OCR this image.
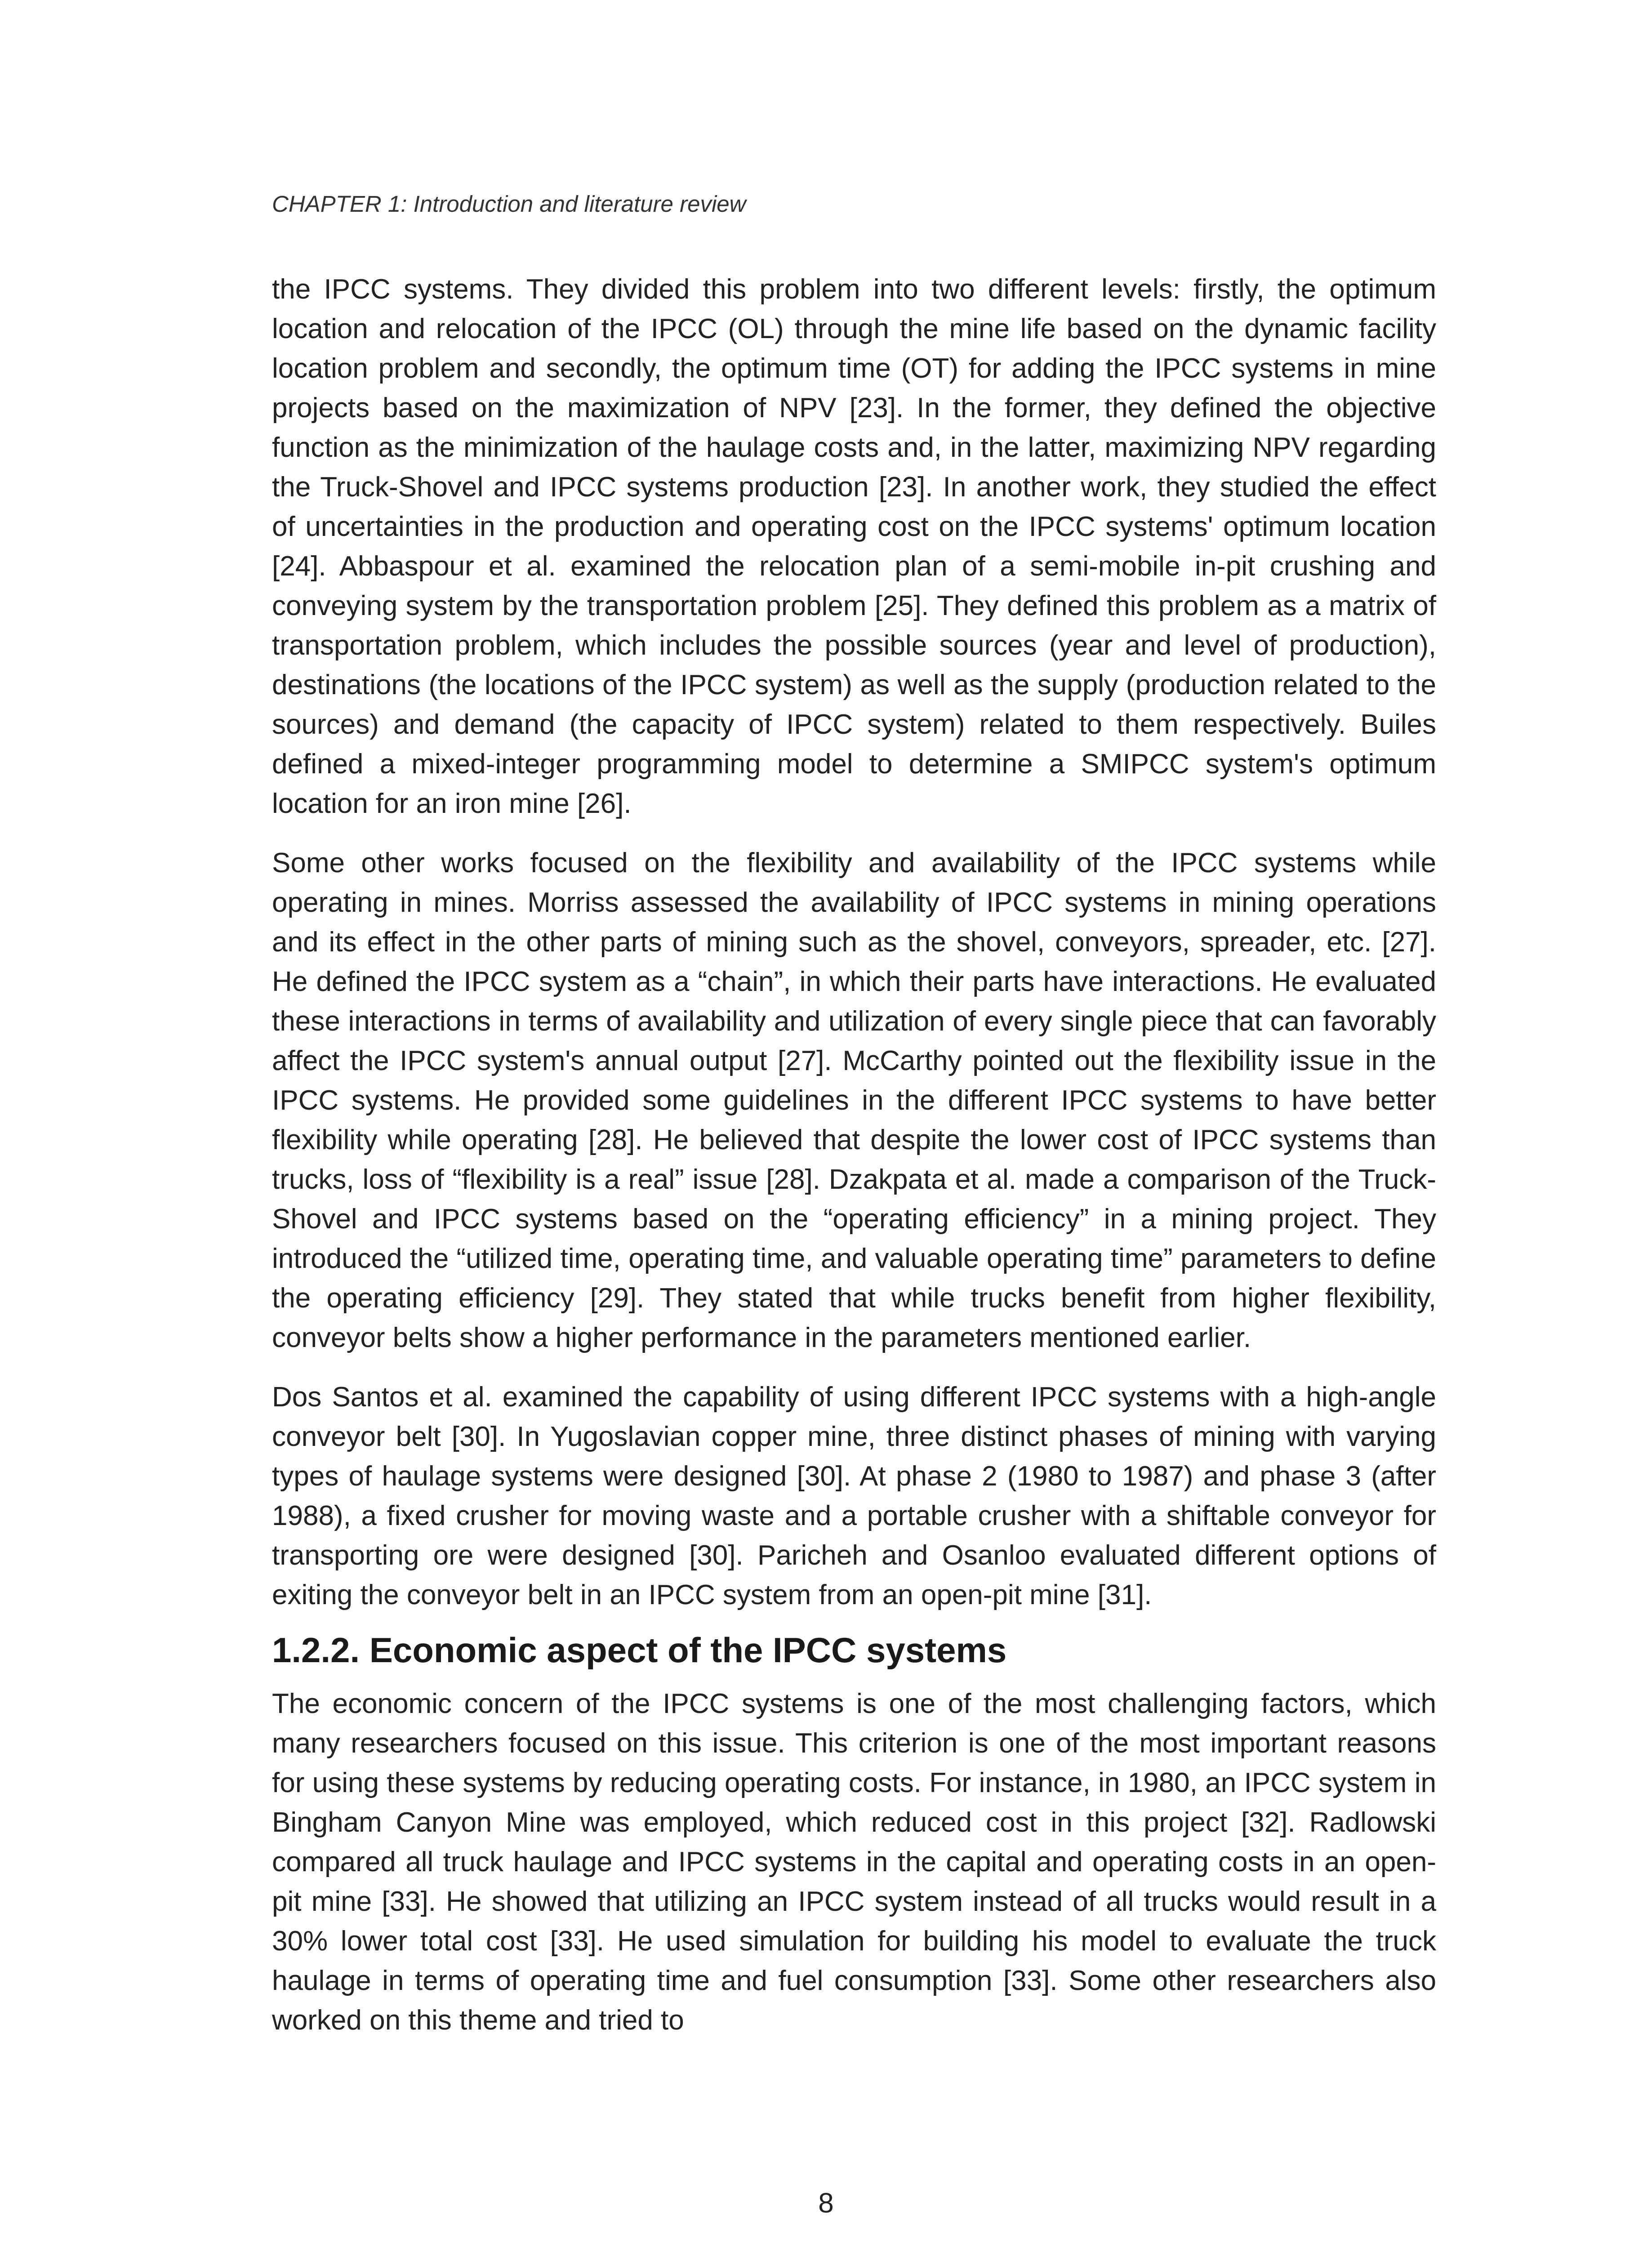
CHAPTER 1: Introduction and literature review

the IPCC systems. They divided this problem into two different levels: firstly, the optimum location and relocation of the IPCC (OL) through the mine life based on the dynamic facility location problem and secondly, the optimum time (OT) for adding the IPCC systems in mine projects based on the maximization of NPV [23]. In the former, they defined the objective function as the minimization of the haulage costs and, in the latter, maximizing NPV regarding the Truck-Shovel and IPCC systems production [23]. In another work, they studied the effect of uncertainties in the production and operating cost on the IPCC systems' optimum location [24]. Abbaspour et al. examined the relocation plan of a semi-mobile in-pit crushing and conveying system by the transportation problem [25]. They defined this problem as a matrix of transportation problem, which includes the possible sources (year and level of production), destinations (the locations of the IPCC system) as well as the supply (production related to the sources) and demand (the capacity of IPCC system) related to them respectively. Builes defined a mixed-integer programming model to determine a SMIPCC system's optimum location for an iron mine [26].

Some other works focused on the flexibility and availability of the IPCC systems while operating in mines. Morriss assessed the availability of IPCC systems in mining operations and its effect in the other parts of mining such as the shovel, conveyors, spreader, etc. [27]. He defined the IPCC system as a “chain”, in which their parts have interactions. He evaluated these interactions in terms of availability and utilization of every single piece that can favorably affect the IPCC system's annual output [27]. McCarthy pointed out the flexibility issue in the IPCC systems. He provided some guidelines in the different IPCC systems to have better flexibility while operating [28]. He believed that despite the lower cost of IPCC systems than trucks, loss of “flexibility is a real” issue [28]. Dzakpata et al. made a comparison of the Truck-Shovel and IPCC systems based on the “operating efficiency” in a mining project. They introduced the “utilized time, operating time, and valuable operating time” parameters to define the operating efficiency [29]. They stated that while trucks benefit from higher flexibility, conveyor belts show a higher performance in the parameters mentioned earlier.

Dos Santos et al. examined the capability of using different IPCC systems with a high-angle conveyor belt [30]. In Yugoslavian copper mine, three distinct phases of mining with varying types of haulage systems were designed [30]. At phase 2 (1980 to 1987) and phase 3 (after 1988), a fixed crusher for moving waste and a portable crusher with a shiftable conveyor for transporting ore were designed [30]. Paricheh and Osanloo evaluated different options of exiting the conveyor belt in an IPCC system from an open-pit mine [31].

1.2.2. Economic aspect of the IPCC systems

The economic concern of the IPCC systems is one of the most challenging factors, which many researchers focused on this issue. This criterion is one of the most important reasons for using these systems by reducing operating costs. For instance, in 1980, an IPCC system in Bingham Canyon Mine was employed, which reduced cost in this project [32]. Radlowski compared all truck haulage and IPCC systems in the capital and operating costs in an open-pit mine [33]. He showed that utilizing an IPCC system instead of all trucks would result in a 30% lower total cost [33]. He used simulation for building his model to evaluate the truck haulage in terms of operating time and fuel consumption [33]. Some other researchers also worked on this theme and tried to

8
